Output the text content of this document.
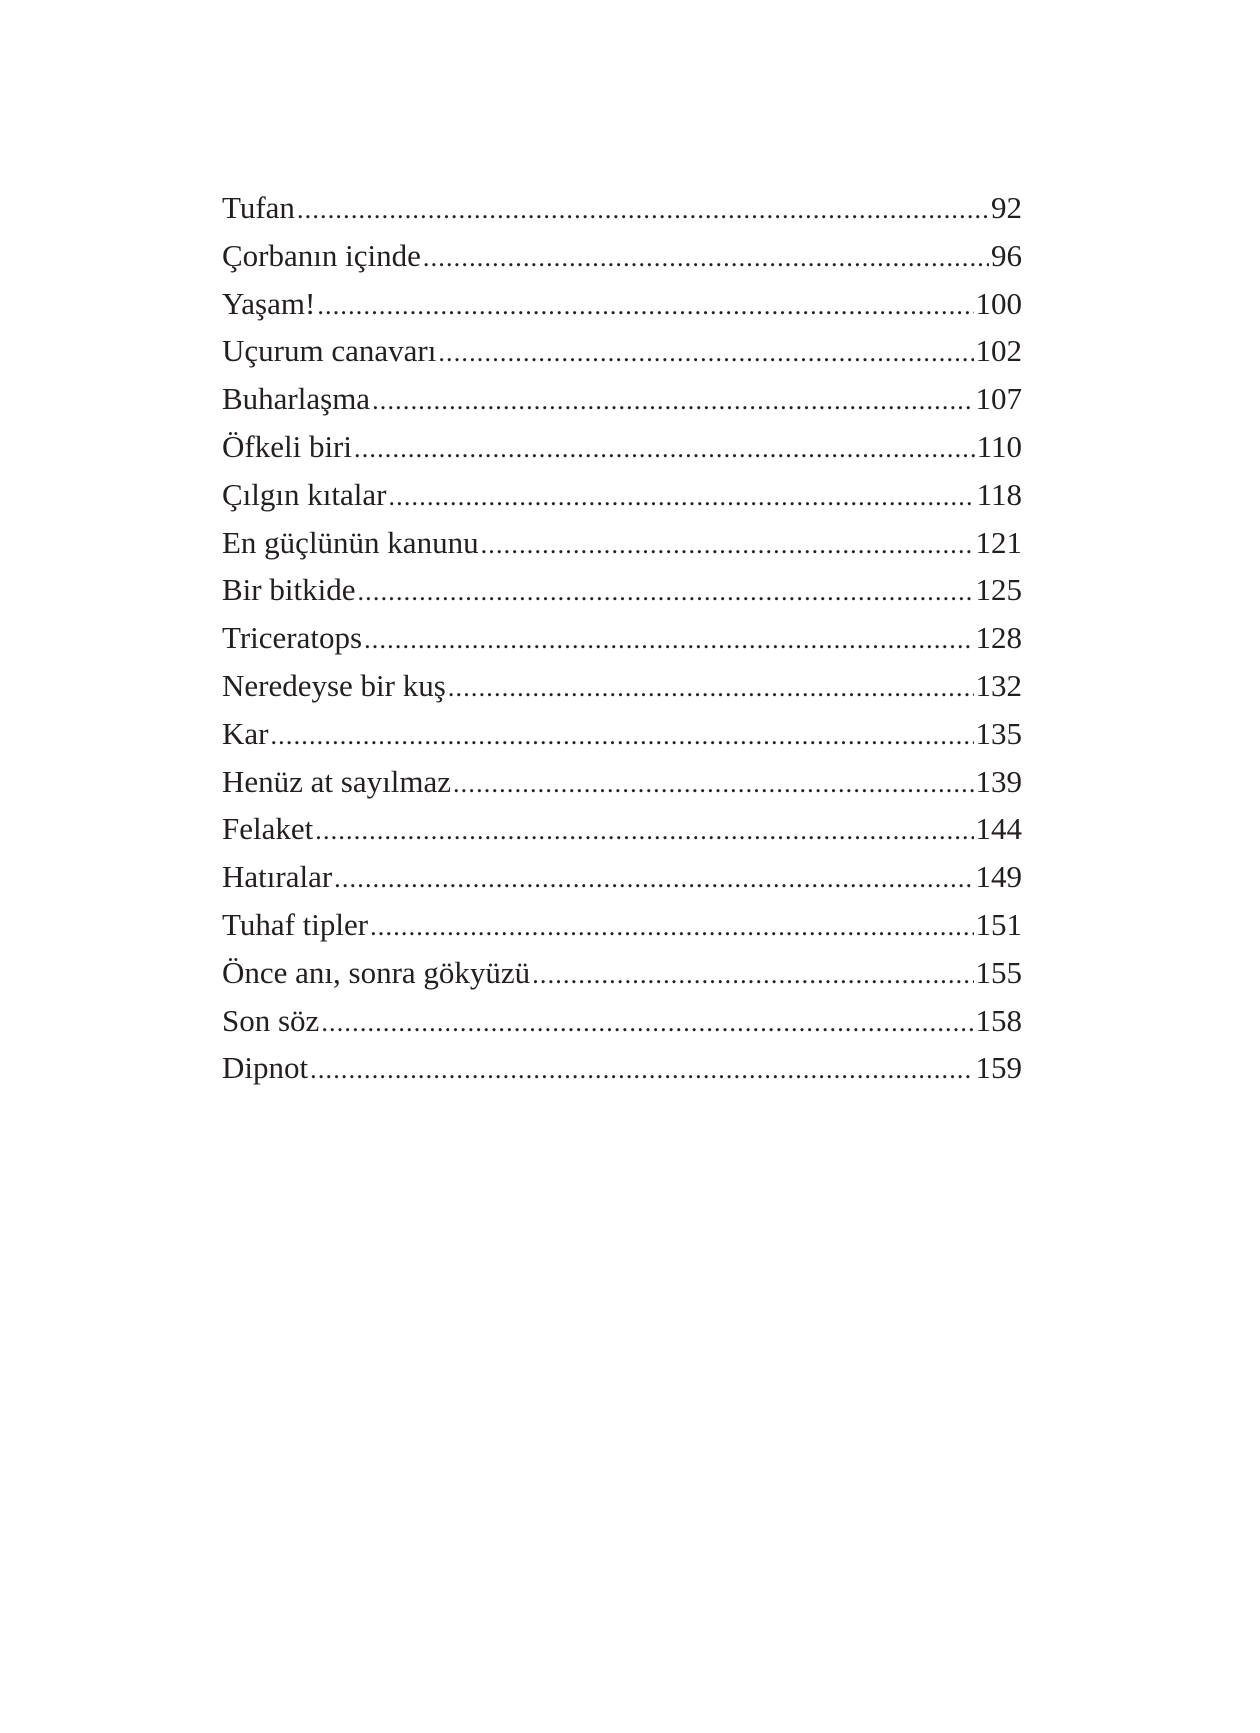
Tufan .....	92
Çorbanın içinde .....	96
Yaşam! .....	100
Uçurum canavarı .....	102
Buharlaşma .....	107
Öfkeli biri .....	110
Çılgın kıtalar .....	118
En güçlünün kanunu .....	121
Bir bitkide .....	125
Triceratops .....	128
Neredeyse bir kuş .....	132
Kar .....	135
Henüz at sayılmaz .....	139
Felaket .....	144
Hatıralar .....	149
Tuhaf tipler .....	151
Önce anı, sonra gökyüzü .....	155
Son söz .....	158
Dipnot .....	159
